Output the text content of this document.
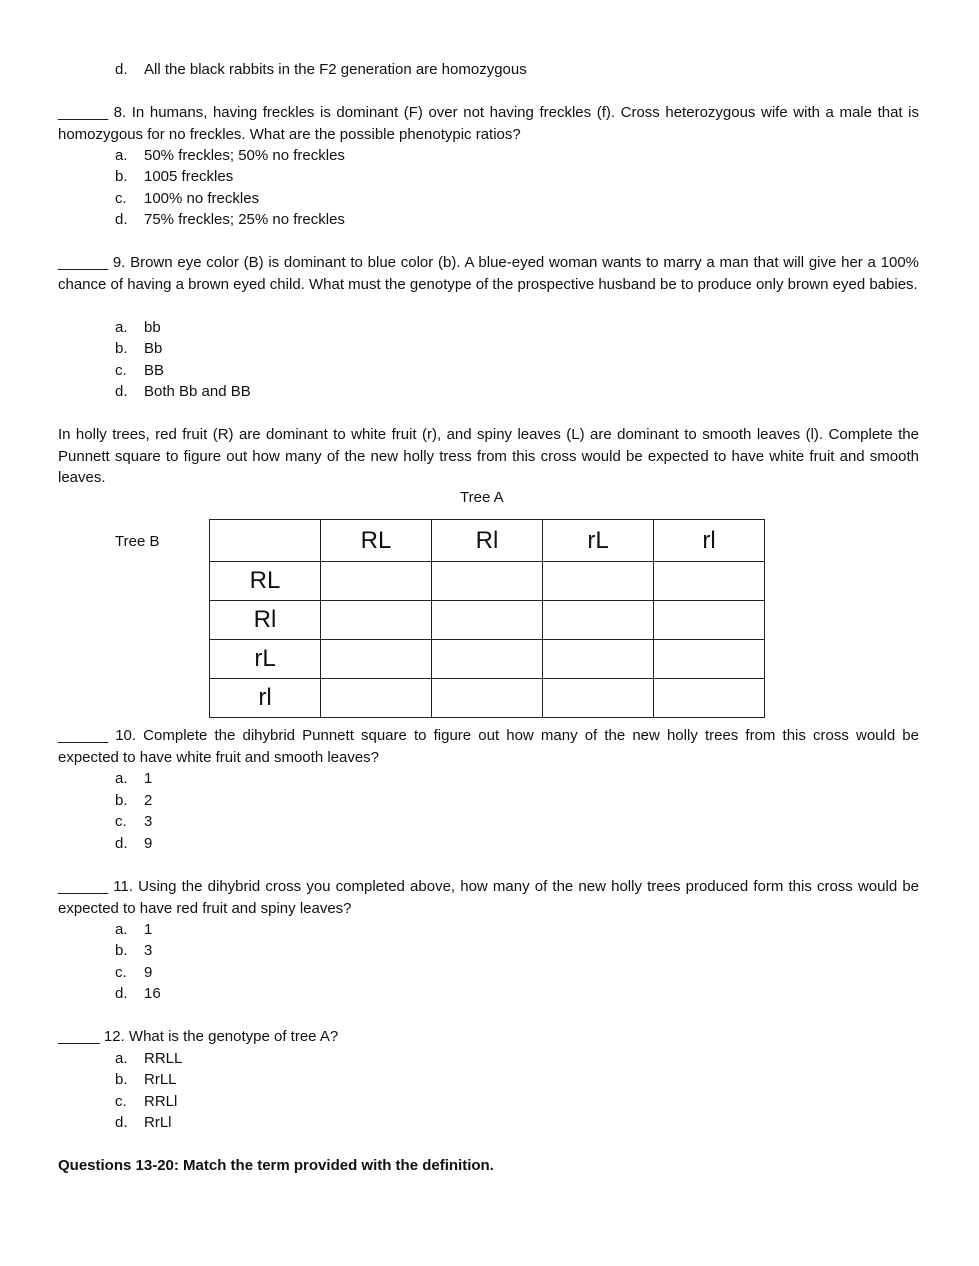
d. All the black rabbits in the F2 generation are homozygous
______ 8. In humans, having freckles is dominant (F) over not having freckles (f). Cross heterozygous wife with a male that is homozygous for no freckles. What are the possible phenotypic ratios?
a. 50% freckles; 50% no freckles
b. 1005 freckles
c. 100% no freckles
d. 75% freckles; 25% no freckles
______ 9. Brown eye color (B) is dominant to blue color (b). A blue-eyed woman wants to marry a man that will give her a 100% chance of having a brown eyed child. What must the genotype of the prospective husband be to produce only brown eyed babies.
a. bb
b. Bb
c. BB
d. Both Bb and BB
In holly trees, red fruit (R) are dominant to white fruit (r), and spiny leaves (L) are dominant to smooth leaves (l). Complete the Punnett square to figure out how many of the new holly tress from this cross would be expected to have white fruit and smooth leaves.
Tree A
Tree B
		RL	Rl	rL	rl
RL				
Rl				
rL				
rl				
______ 10. Complete the dihybrid Punnett square to figure out how many of the new holly trees from this cross would be expected to have white fruit and smooth leaves?
a. 1
b. 2
c. 3
d. 9
______ 11. Using the dihybrid cross you completed above, how many of the new holly trees produced form this cross would be expected to have red fruit and spiny leaves?
a. 1
b. 3
c. 9
d. 16
_____ 12. What is the genotype of tree A?
a. RRLL
b. RrLL
c. RRLl
d. RrLl
Questions 13-20: Match the term provided with the definition.
